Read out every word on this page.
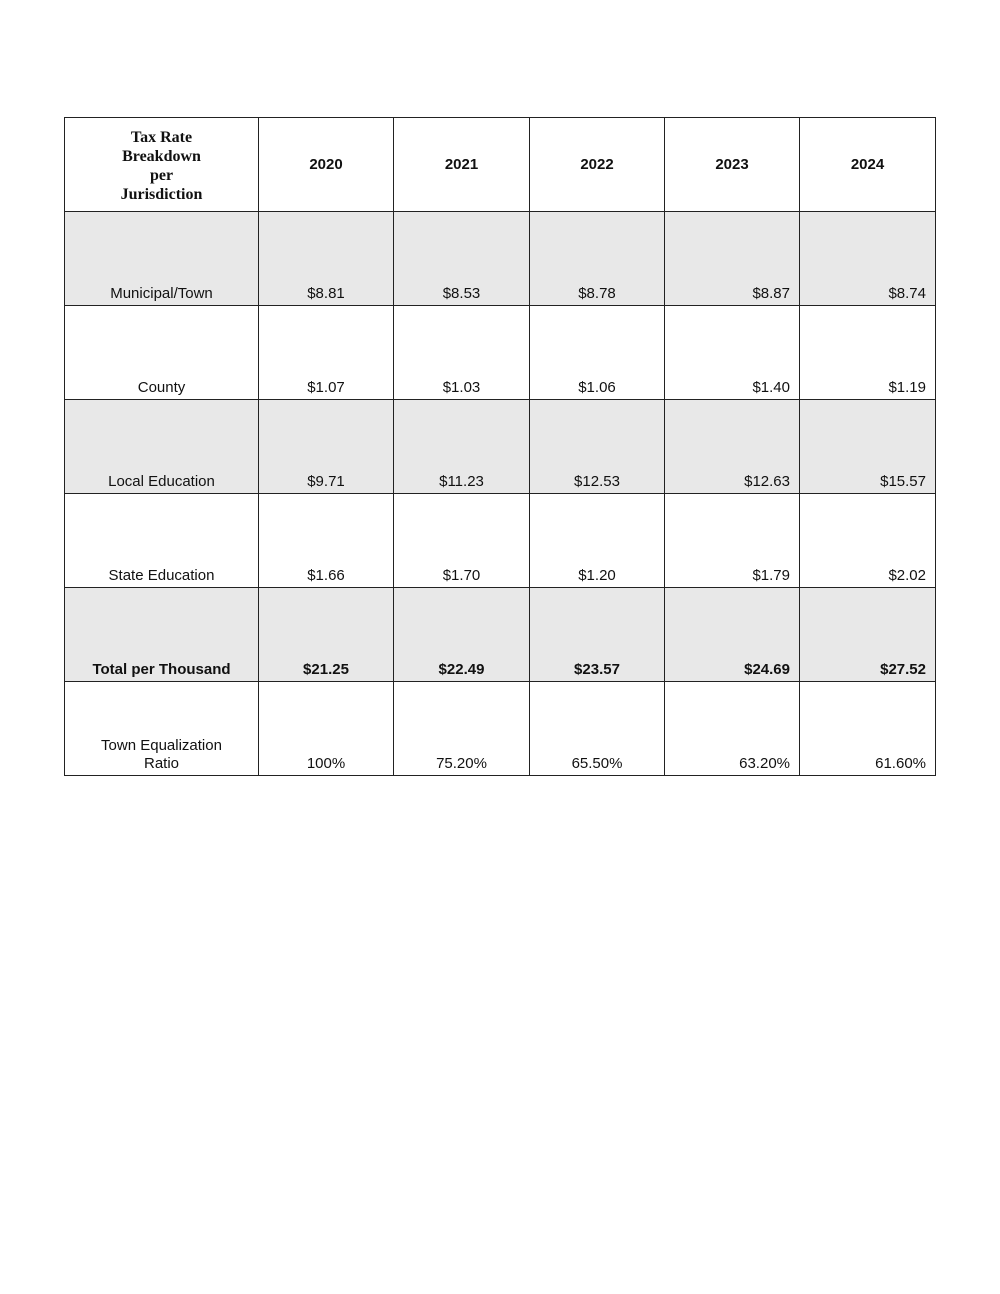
Tax Rate
Breakdown
per
Jurisdiction	2020	2021	2022	2023	2024

Municipal/Town	$8.81	$8.53	$8.78	$8.87	$8.74

County	$1.07	$1.03	$1.06	$1.40	$1.19

Local Education	$9.71	$11.23	$12.53	$12.63	$15.57

State Education	$1.66	$1.70	$1.20	$1.79	$2.02

Total per Thousand	$21.25	$22.49	$23.57	$24.69	$27.52

Town Equalization
Ratio	100%	75.20%	65.50%	63.20%	61.60%
